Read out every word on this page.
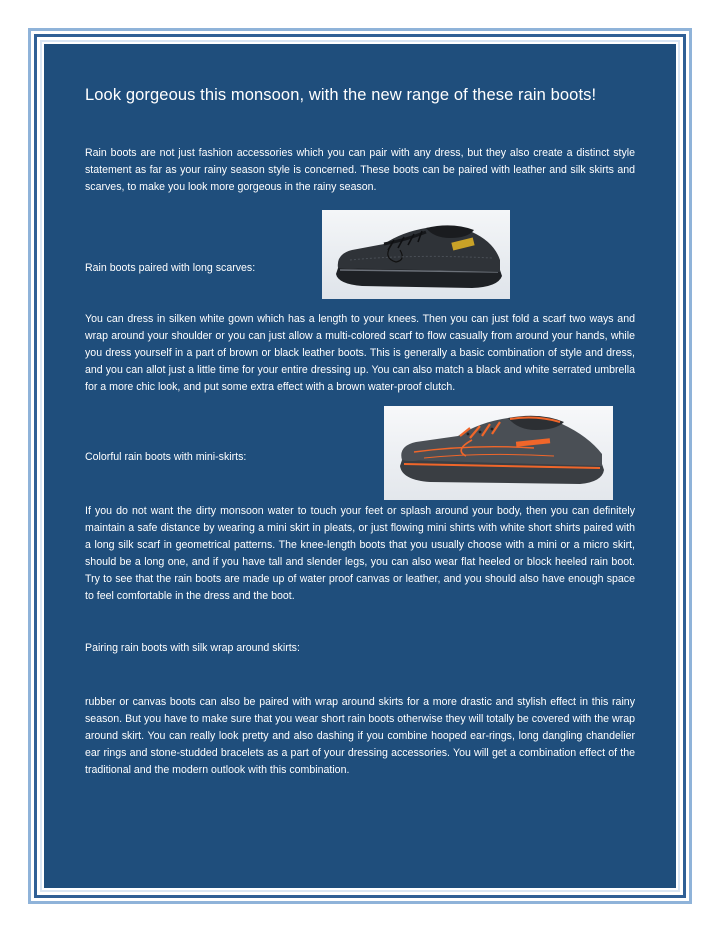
Look gorgeous this monsoon, with the new range of these rain boots!

Rain boots are not just fashion accessories which you can pair with any dress, but they also create a distinct style statement as far as your rainy season style is concerned. These boots can be paired with leather and silk skirts and scarves, to make you look more gorgeous in the rainy season.

Rain boots paired with long scarves:

You can dress in silken white gown which has a length to your knees. Then you can just fold a scarf two ways and wrap around your shoulder or you can just allow a multi-colored scarf to flow casually from around your hands, while you dress yourself in a part of brown or black leather boots. This is generally a basic combination of style and dress, and you can allot just a little time for your entire dressing up. You can also match a black and white serrated umbrella for a more chic look, and put some extra effect with a brown water-proof clutch.

Colorful rain boots with mini-skirts:

If you do not want the dirty monsoon water to touch your feet or splash around your body, then you can definitely maintain a safe distance by wearing a mini skirt in pleats, or just flowing mini shirts with white short shirts paired with a long silk scarf in geometrical patterns. The knee-length boots that you usually choose with a mini or a micro skirt, should be a long one, and if you have tall and slender legs, you can also wear flat heeled or block heeled rain boot. Try to see that the rain boots are made up of water proof canvas or leather, and you should also have enough space to feel comfortable in the dress and the boot.

Pairing rain boots with silk wrap around skirts:

rubber or canvas boots can also be paired with wrap around skirts for a more drastic and stylish effect in this rainy season. But you have to make sure that you wear short rain boots otherwise they will totally be covered with the wrap around skirt. You can really look pretty and also dashing if you combine hooped ear-rings, long dangling chandelier ear rings and stone-studded bracelets as a part of your dressing accessories. You will get a combination effect of the traditional and the modern outlook with this combination.
